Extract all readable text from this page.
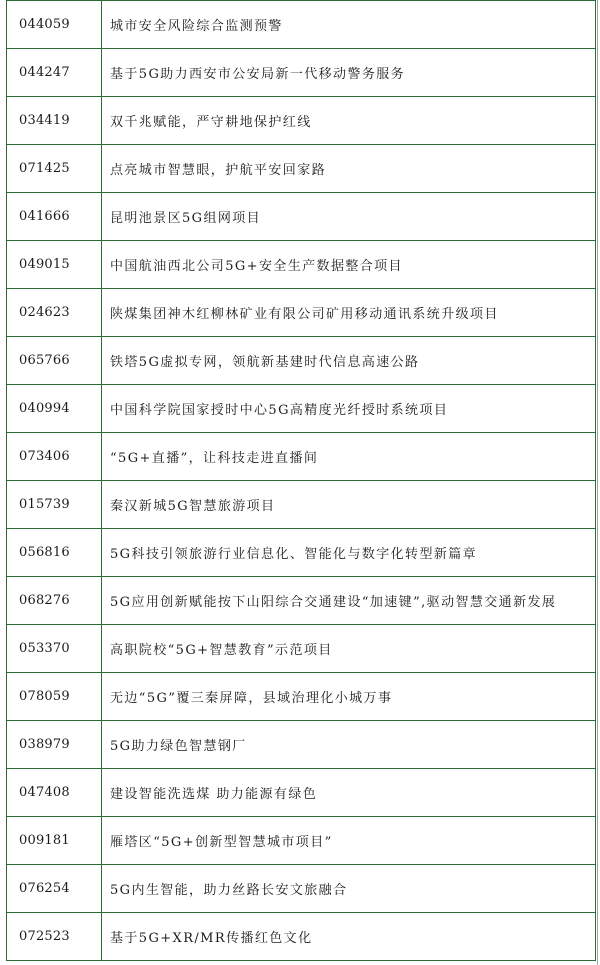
044059	城市安全风险综合监测预警
044247	基于5G助力西安市公安局新一代移动警务服务
034419	双千兆赋能，严守耕地保护红线
071425	点亮城市智慧眼，护航平安回家路
041666	昆明池景区5G组网项目
049015	中国航油西北公司5G+安全生产数据整合项目
024623	陕煤集团神木红柳林矿业有限公司矿用移动通讯系统升级项目
065766	铁塔5G虚拟专网，领航新基建时代信息高速公路
040994	中国科学院国家授时中心5G高精度光纤授时系统项目
073406	“5G+直播”，让科技走进直播间
015739	秦汉新城5G智慧旅游项目
056816	5G科技引领旅游行业信息化、智能化与数字化转型新篇章
068276	5G应用创新赋能按下山阳综合交通建设“加速键”,驱动智慧交通新发展
053370	高职院校“5G+智慧教育”示范项目
078059	无边“5G”覆三秦屏障，县域治理化小城万事
038979	5G助力绿色智慧钢厂
047408	建设智能洗选煤 助力能源有绿色
009181	雁塔区“5G+创新型智慧城市项目”
076254	5G内生智能，助力丝路长安文旅融合
072523	基于5G+XR/MR传播红色文化
